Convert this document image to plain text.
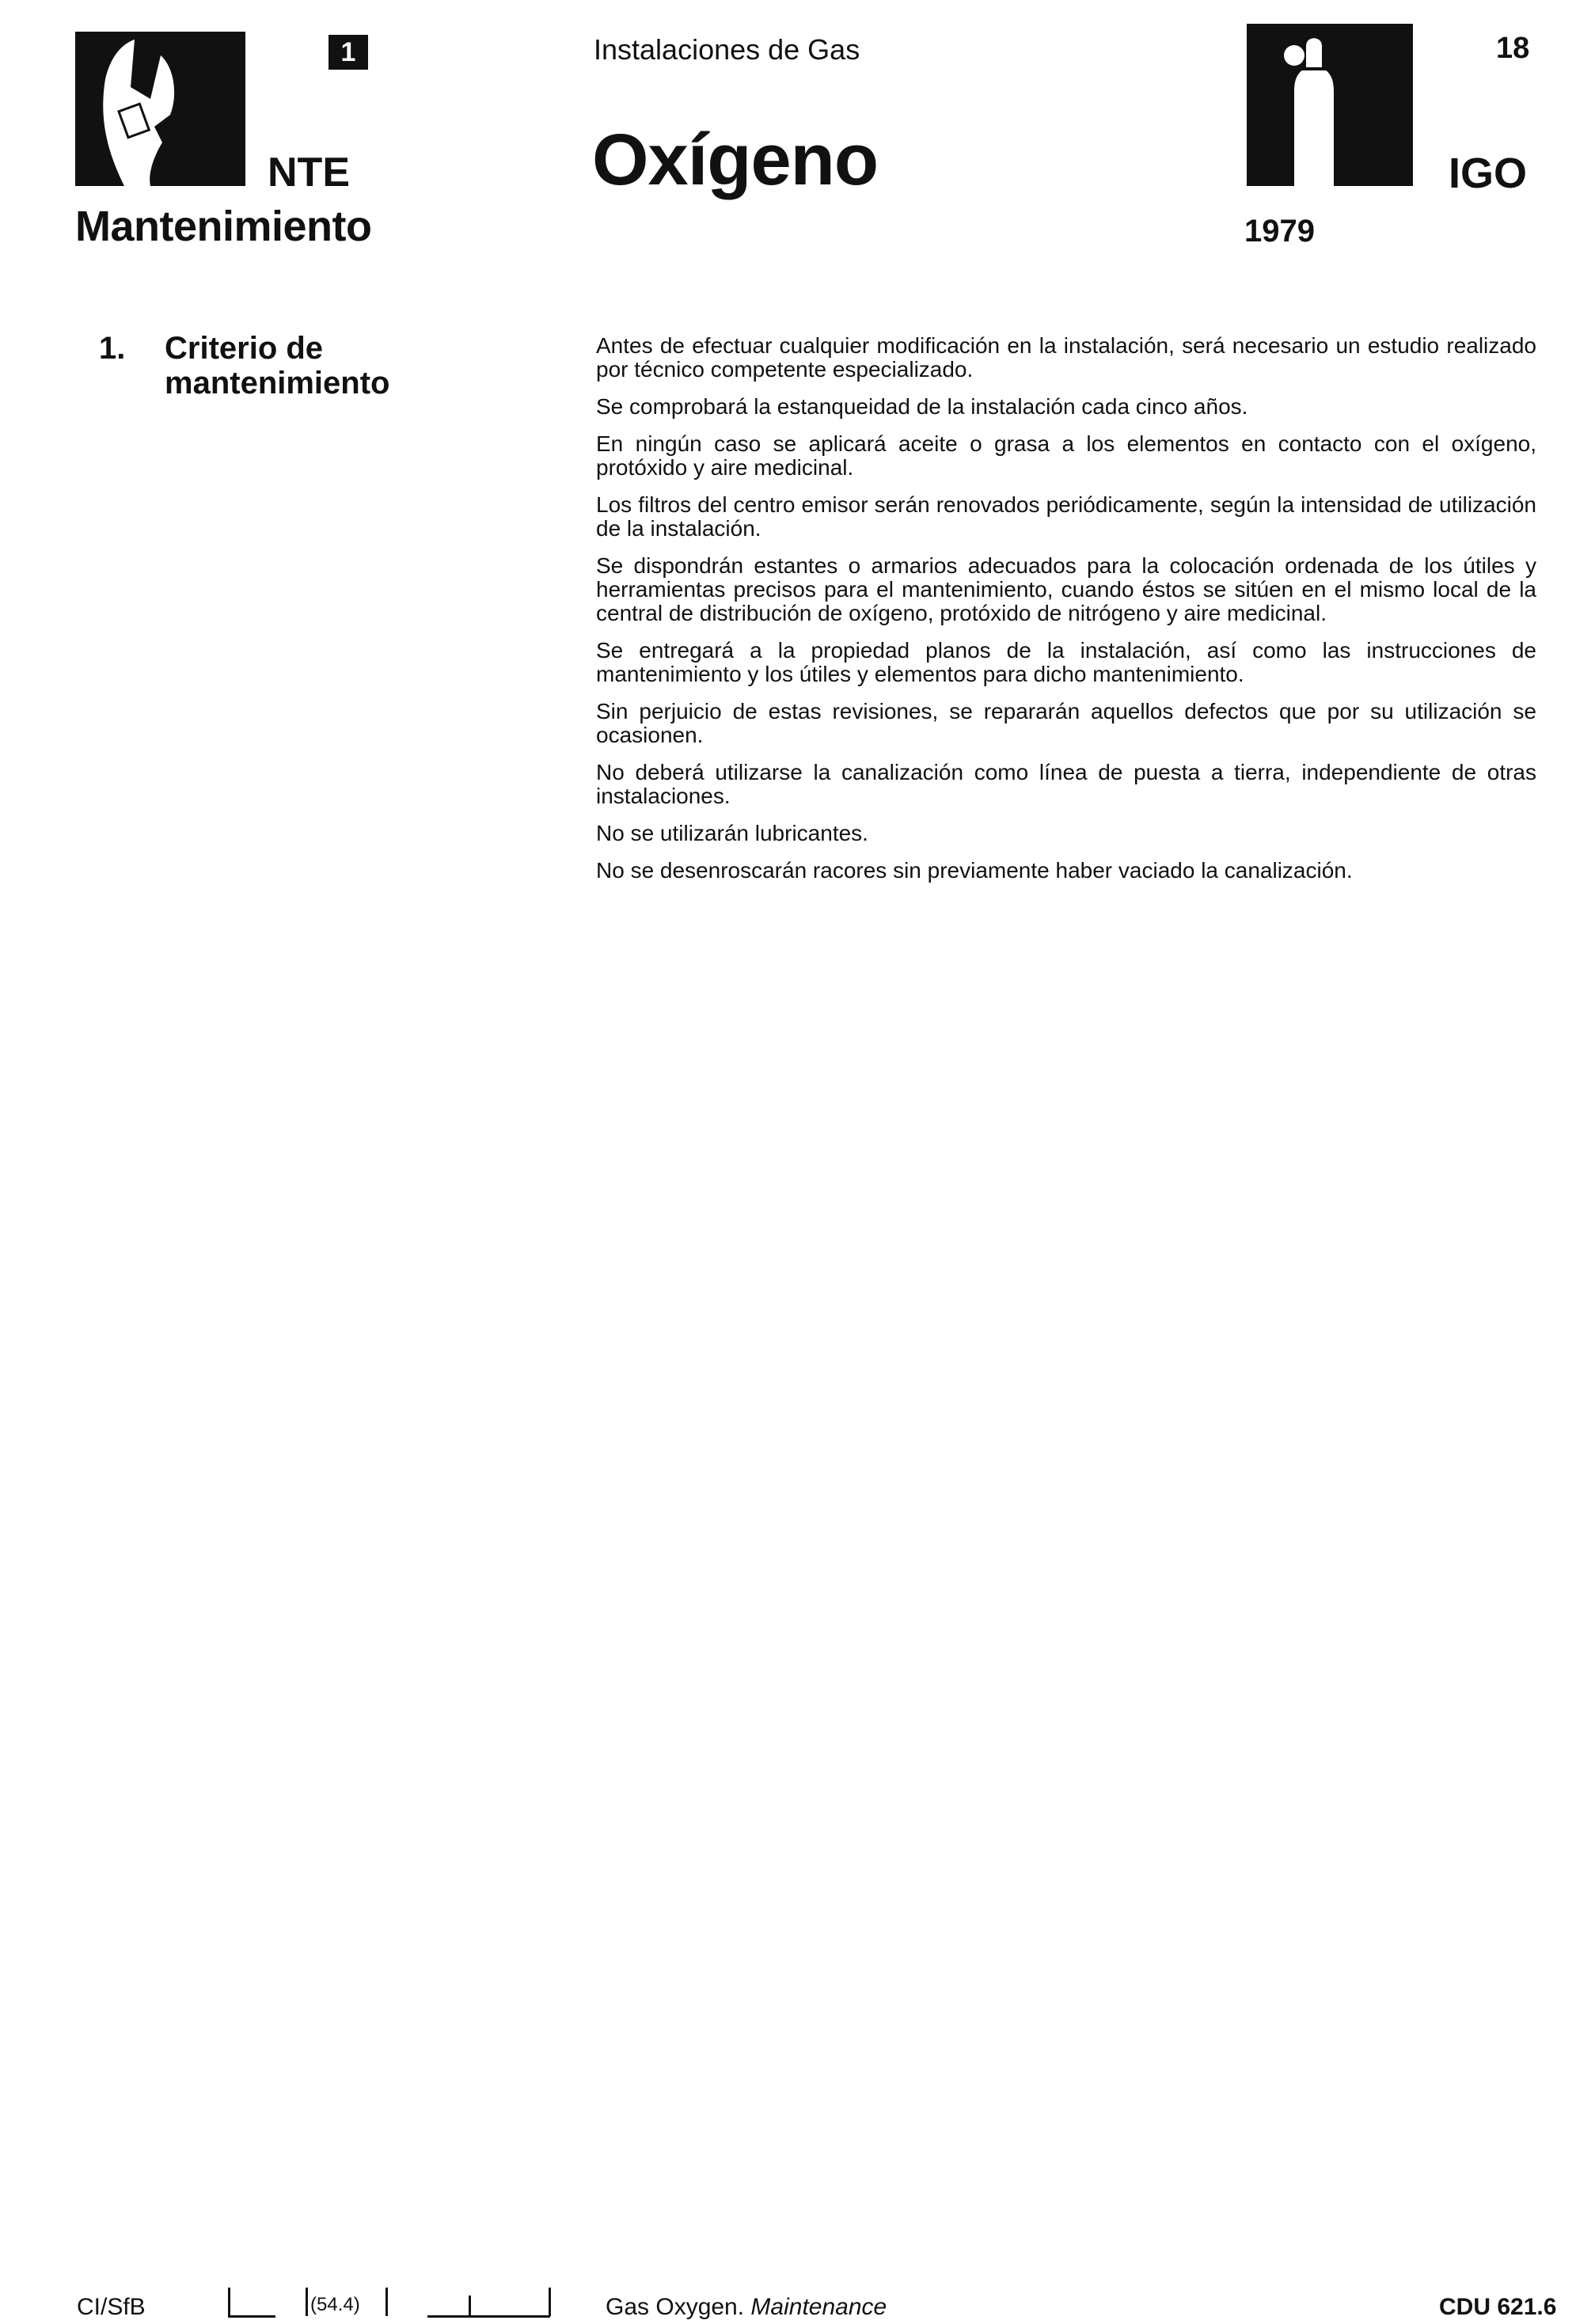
1
NTE
Mantenimiento
Instalaciones de Gas
Oxígeno
18
IGO
1979
1. Criterio de mantenimiento

Antes de efectuar cualquier modificación en la instalación, será necesario un estudio realizado por técnico competente especializado.

Se comprobará la estanqueidad de la instalación cada cinco años.

En ningún caso se aplicará aceite o grasa a los elementos en contacto con el oxígeno, protóxido y aire medicinal.

Los filtros del centro emisor serán renovados periódicamente, según la intensidad de utilización de la instalación.

Se dispondrán estantes o armarios adecuados para la colocación ordenada de los útiles y herramientas precisos para el mantenimiento, cuando éstos se sitúen en el mismo local de la central de distribución de oxígeno, protóxido de nitrógeno y aire medicinal.

Se entregará a la propiedad planos de la instalación, así como las instrucciones de mantenimiento y los útiles y elementos para dicho mantenimiento.

Sin perjuicio de estas revisiones, se repararán aquellos defectos que por su utilización se ocasionen.

No deberá utilizarse la canalización como línea de puesta a tierra, independiente de otras instalaciones.

No se utilizarán lubricantes.

No se desenroscarán racores sin previamente haber vaciado la canalización.

CI/SfB	(54.4)	Gas Oxygen. Maintenance	CDU 621.6
